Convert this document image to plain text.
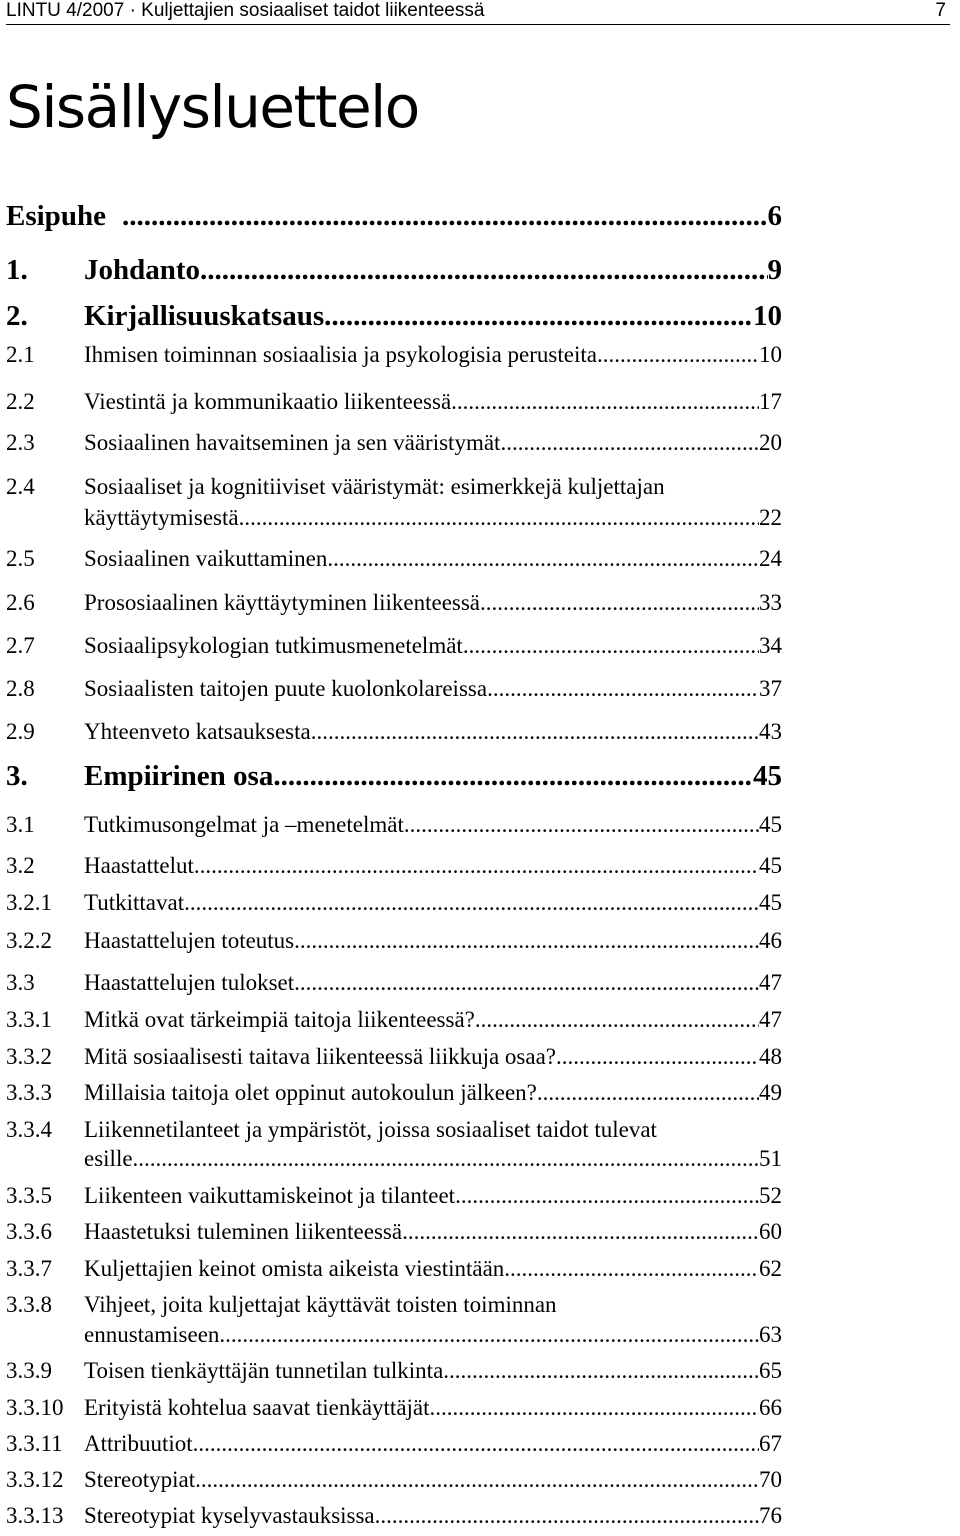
LINTU 4/2007 · Kuljettajien sosiaaliset taidot liikenteessä	7
Sisällysluettelo
Esipuhe .....	6
1. Johdanto .....	9
2. Kirjallisuuskatsaus .....	10
2.1 Ihmisen toiminnan sosiaalisia ja psykologisia perusteita .....	10
2.2 Viestintä ja kommunikaatio liikenteessä .....	17
2.3 Sosiaalinen havaitseminen ja sen vääristymät .....	20
2.4 Sosiaaliset ja kognitiiviset vääristymät: esimerkkejä kuljettajan
käyttäytymisestä .....	22
2.5 Sosiaalinen vaikuttaminen .....	24
2.6 Prososiaalinen käyttäytyminen liikenteessä .....	33
2.7 Sosiaalipsykologian tutkimusmenetelmät .....	34
2.8 Sosiaalisten taitojen puute kuolonkolareissa .....	37
2.9 Yhteenveto katsauksesta .....	43
3. Empiirinen osa .....	45
3.1 Tutkimusongelmat ja –menetelmät .....	45
3.2 Haastattelut .....	45
3.2.1 Tutkittavat .....	45
3.2.2 Haastattelujen toteutus .....	46
3.3 Haastattelujen tulokset .....	47
3.3.1 Mitkä ovat tärkeimpiä taitoja liikenteessä? .....	47
3.3.2 Mitä sosiaalisesti taitava liikenteessä liikkuja osaa? .....	48
3.3.3 Millaisia taitoja olet oppinut autokoulun jälkeen? .....	49
3.3.4 Liikennetilanteet ja ympäristöt, joissa sosiaaliset taidot tulevat
esille .....	51
3.3.5 Liikenteen vaikuttamiskeinot ja tilanteet .....	52
3.3.6 Haastetuksi tuleminen liikenteessä .....	60
3.3.7 Kuljettajien keinot omista aikeista viestintään .....	62
3.3.8 Vihjeet, joita kuljettajat käyttävät toisten toiminnan
ennustamiseen .....	63
3.3.9 Toisen tienkäyttäjän tunnetilan tulkinta .....	65
3.3.10 Erityistä kohtelua saavat tienkäyttäjät .....	66
3.3.11 Attribuutiot .....	67
3.3.12 Stereotypiat .....	70
3.3.13 Stereotypiat kyselyvastauksissa .....	76
